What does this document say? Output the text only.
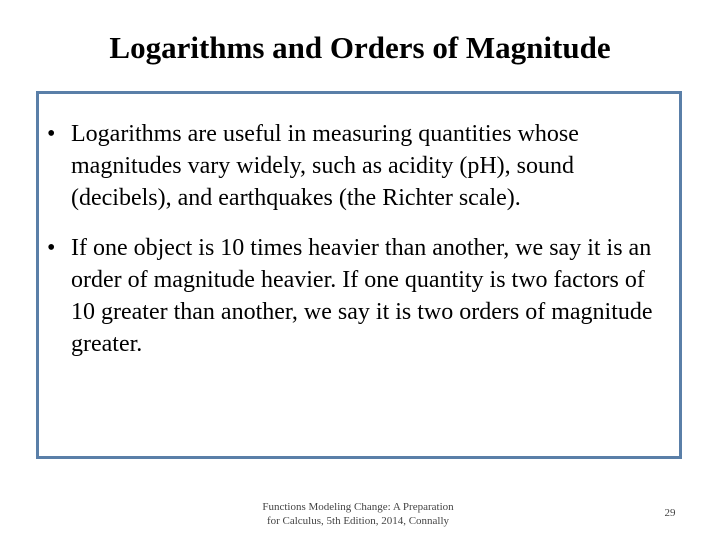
Logarithms and Orders of Magnitude
• Logarithms are useful in measuring quantities whose magnitudes vary widely, such as acidity (pH), sound (decibels), and earthquakes (the Richter scale).
• If one object is 10 times heavier than another, we say it is an order of magnitude heavier. If one quantity is two factors of 10 greater than another, we say it is two orders of magnitude greater.
Functions Modeling Change: A Preparation
for Calculus, 5th Edition, 2014, Connally
29
